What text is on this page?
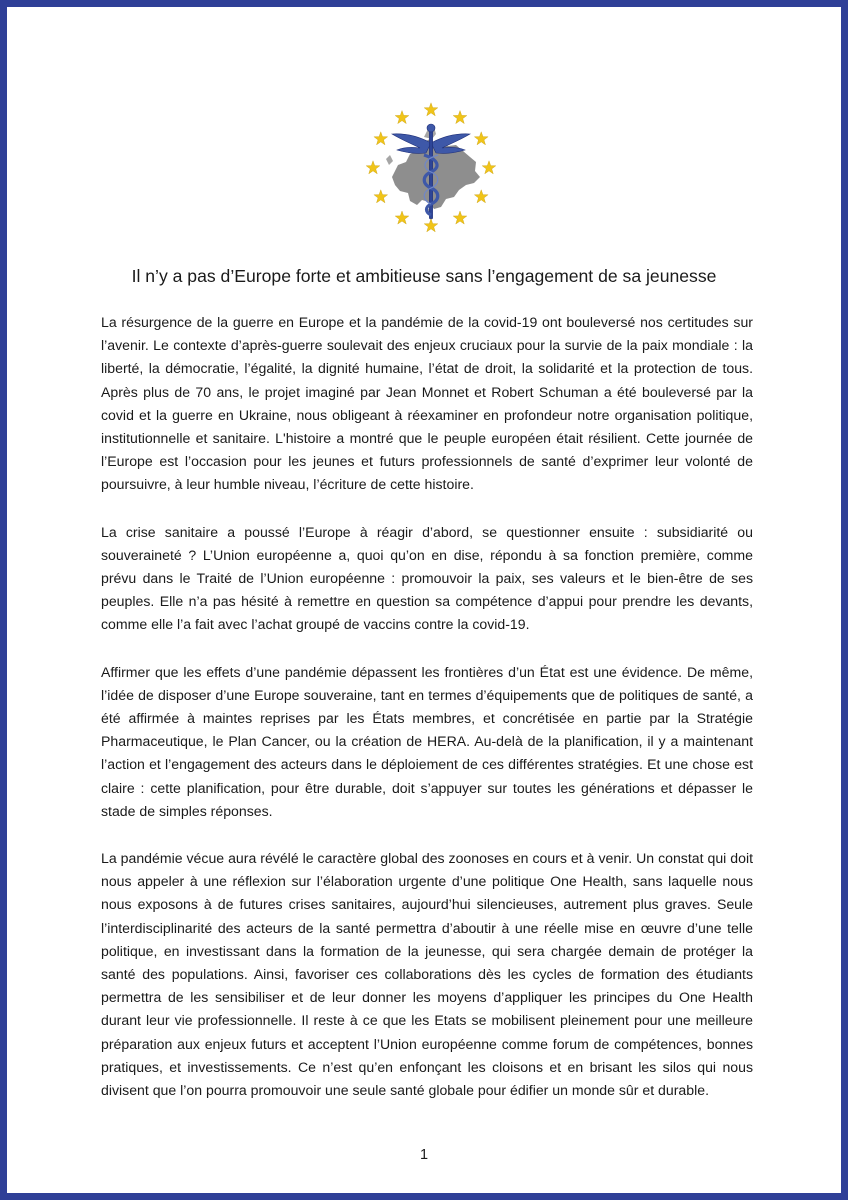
Il n’y a pas d’Europe forte et ambitieuse sans l’engagement de sa jeunesse

La résurgence de la guerre en Europe et la pandémie de la covid-19 ont bouleversé nos certitudes sur l’avenir. Le contexte d’après-guerre soulevait des enjeux cruciaux pour la survie de la paix mondiale : la liberté, la démocratie, l’égalité, la dignité humaine, l’état de droit, la solidarité et la protection de tous. Après plus de 70 ans, le projet imaginé par Jean Monnet et Robert Schuman a été bouleversé par la covid et la guerre en Ukraine, nous obligeant à réexaminer en profondeur notre organisation politique, institutionnelle et sanitaire. L'histoire a montré que le peuple européen était résilient. Cette journée de l’Europe est l’occasion pour les jeunes et futurs professionnels de santé d’exprimer leur volonté de poursuivre, à leur humble niveau, l’écriture de cette histoire.

La crise sanitaire a poussé l’Europe à réagir d’abord, se questionner ensuite : subsidiarité ou souveraineté ? L’Union européenne a, quoi qu’on en dise, répondu à sa fonction première, comme prévu dans le Traité de l’Union européenne : promouvoir la paix, ses valeurs et le bien-être de ses peuples. Elle n’a pas hésité à remettre en question sa compétence d’appui pour prendre les devants, comme elle l’a fait avec l’achat groupé de vaccins contre la covid-19.

Affirmer que les effets d’une pandémie dépassent les frontières d’un État est une évidence. De même, l’idée de disposer d’une Europe souveraine, tant en termes d’équipements que de politiques de santé, a été affirmée à maintes reprises par les États membres, et concrétisée en partie par la Stratégie Pharmaceutique, le Plan Cancer, ou la création de HERA. Au-delà de la planification, il y a maintenant l’action et l’engagement des acteurs dans le déploiement de ces différentes stratégies. Et une chose est claire : cette planification, pour être durable, doit s’appuyer sur toutes les générations et dépasser le stade de simples réponses.

La pandémie vécue aura révélé le caractère global des zoonoses en cours et à venir. Un constat qui doit nous appeler à une réflexion sur l’élaboration urgente d’une politique One Health, sans laquelle nous nous exposons à de futures crises sanitaires, aujourd’hui silencieuses, autrement plus graves. Seule l’interdisciplinarité des acteurs de la santé permettra d’aboutir à une réelle mise en œuvre d’une telle politique, en investissant dans la formation de la jeunesse, qui sera chargée demain de protéger la santé des populations. Ainsi, favoriser ces collaborations dès les cycles de formation des étudiants permettra de les sensibiliser et de leur donner les moyens d’appliquer les principes du One Health durant leur vie professionnelle. Il reste à ce que les Etats se mobilisent pleinement pour une meilleure préparation aux enjeux futurs et acceptent l’Union européenne comme forum de compétences, bonnes pratiques, et investissements. Ce n’est qu’en enfonçant les cloisons et en brisant les silos qui nous divisent que l’on pourra promouvoir une seule santé globale pour édifier un monde sûr et durable.

1
